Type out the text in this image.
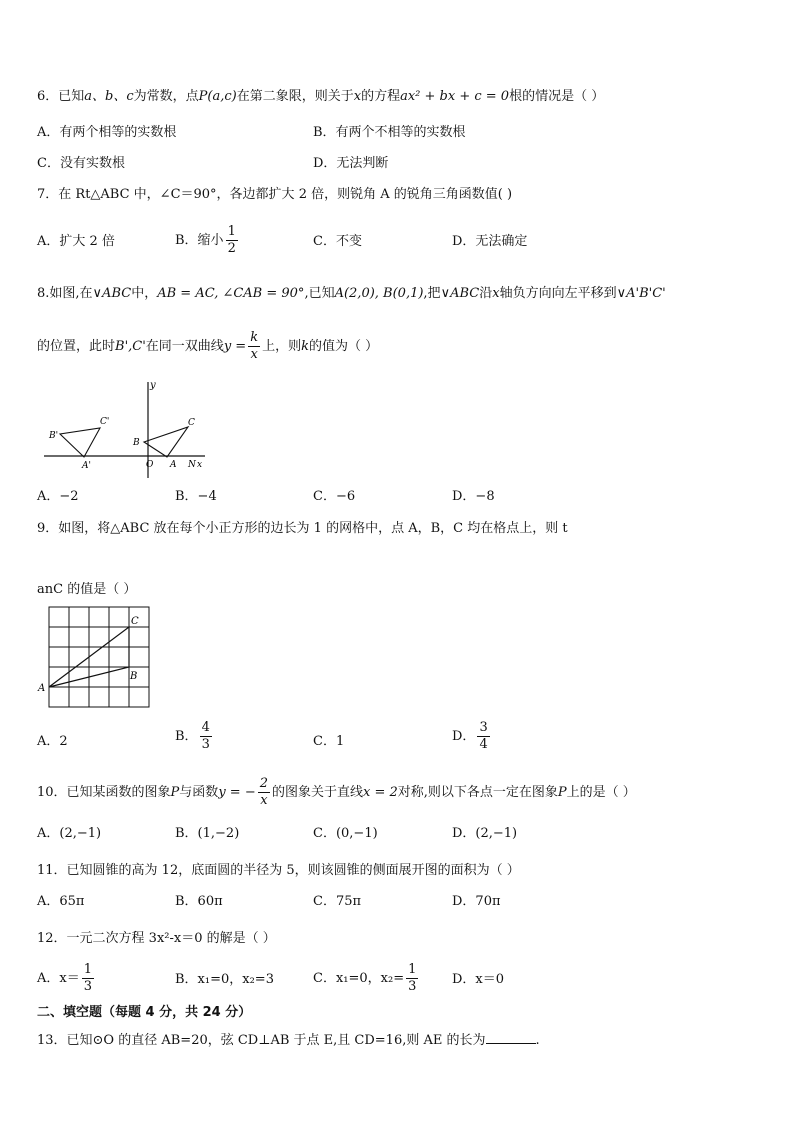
6．已知a、b、c为常数，点P(a,c)在第二象限，则关于x的方程ax² + bx + c = 0根的情况是（ ）
A．有两个相等的实数根	B．有两个不相等的实数根
C．没有实数根	D．无法判断
7．在 Rt△ABC 中，∠C＝90°，各边都扩大 2 倍，则锐角 A 的锐角三角函数值( )
A．扩大 2 倍	B．缩小 $\frac{1}{2}$	C．不变	D．无法确定
8.如图,在∨ABC中，AB = AC, ∠CAB = 90°,已知A(2,0), B(0,1),把∨ABC沿x轴负方向向左平移到∨A'B'C'
的位置，此时B',C'在同一双曲线$y = \frac{k}{x}$ 上，则k的值为（ ）
y
B'
C'
A'
B
O A
C
N x
A．−2	B．−4	C．−6	D．−8
9．如图，将△ABC 放在每个小正方形的边长为 1 的网格中，点 A，B，C 均在格点上，则 t
anC 的值是（ ）
C
B
A
A．2	B． $\frac{4}{3}$	C．1	D． $\frac{3}{4}$
10．已知某函数的图象P与函数y = − $\frac{2}{x}$ 的图象关于直线x = 2对称,则以下各点一定在图象P上的是（ ）
A．(2,−1)	B．(1,−2)	C．(0,−1)	D．(2,−1)
11．已知圆锥的高为 12，底面圆的半径为 5，则该圆锥的侧面展开图的面积为（ ）
A．65π	B．60π	C．75π	D．70π
12．一元二次方程 3x²-x＝0 的解是（ ）
A．$x= \frac{1}{3}$	B．x₁=0，x₂=3	C．x₁=0，$x_2= \frac{1}{3}$	D．x＝0
二、填空题（每题 4 分，共 24 分）
13．已知⊙O 的直径 AB=20，弦 CD⊥AB 于点 E,且 CD=16,则 AE 的长为	.
